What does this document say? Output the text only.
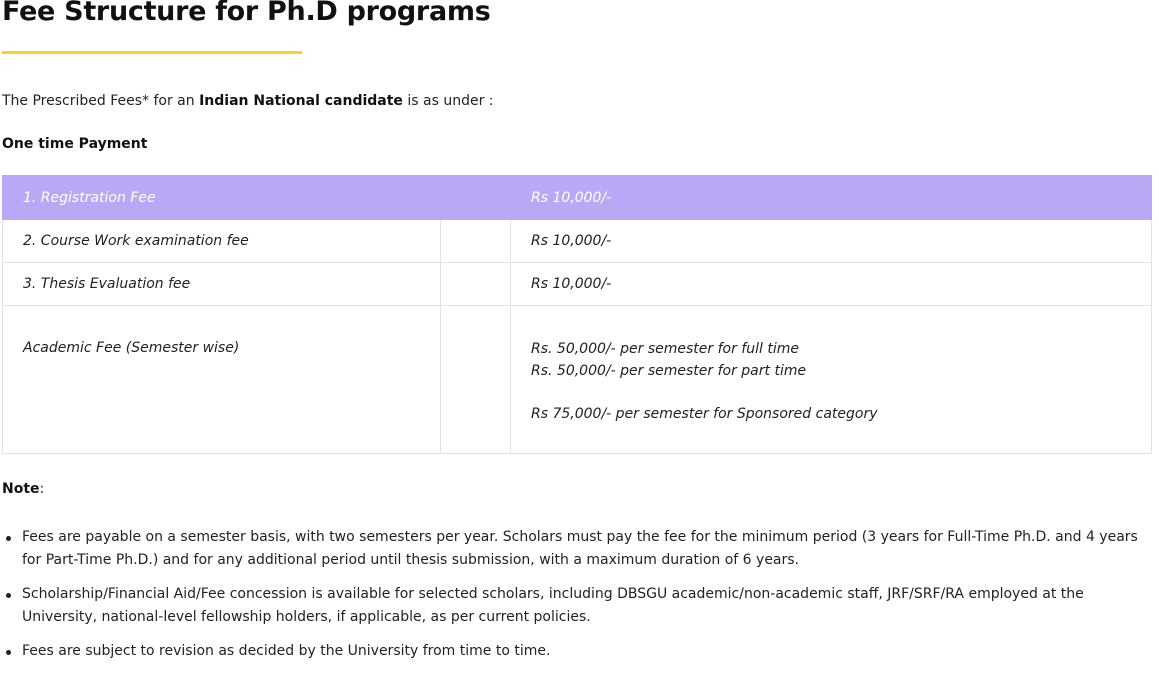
Fee Structure for Ph.D programs
The Prescribed Fees* for an Indian National candidate is as under :
One time Payment
1. Registration Fee		Rs 10,000/-
2. Course Work examination fee		Rs 10,000/-
3. Thesis Evaluation fee		Rs 10,000/-

Academic Fee (Semester wise)		Rs. 50,000/- per semester for full time
Rs. 50,000/- per semester for part time
Rs 75,000/- per semester for Sponsored category
Note:
Fees are payable on a semester basis, with two semesters per year. Scholars must pay the fee for the minimum period (3 years for Full-Time Ph.D. and 4 years for Part-Time Ph.D.) and for any additional period until thesis submission, with a maximum duration of 6 years.
Scholarship/Financial Aid/Fee concession is available for selected scholars, including DBSGU academic/non-academic staff, JRF/SRF/RA employed at the University, national-level fellowship holders, if applicable, as per current policies.
Fees are subject to revision as decided by the University from time to time.
